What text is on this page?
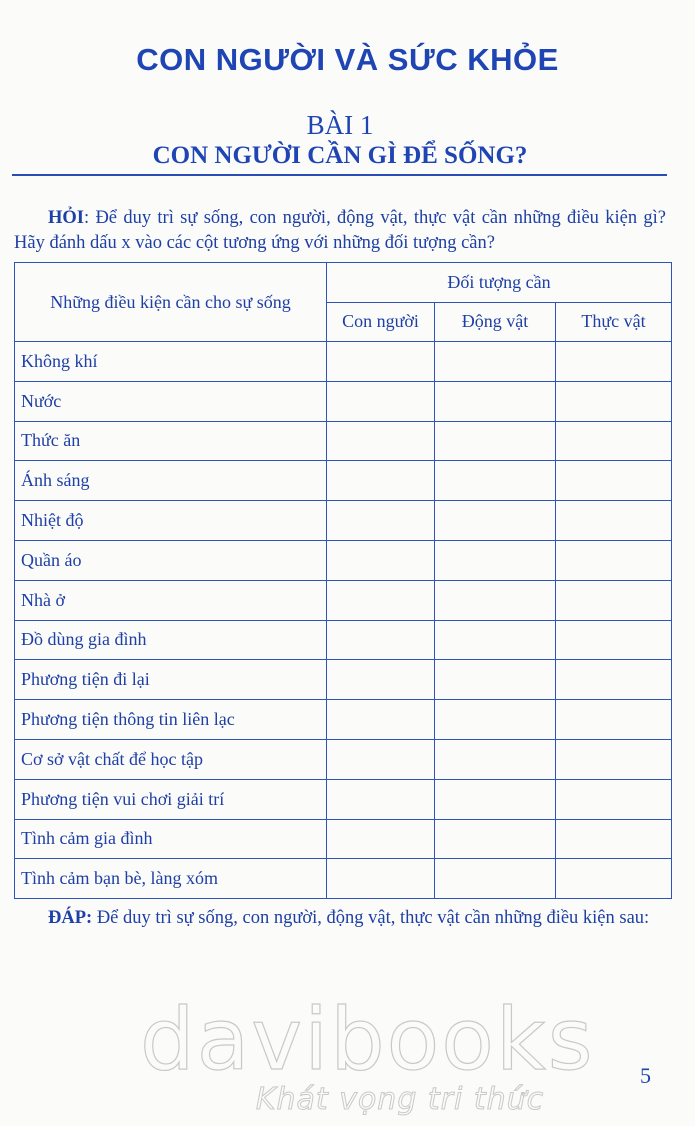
CON NGƯỜI VÀ SỨC KHỎE
BÀI 1
CON NGƯỜI CẦN GÌ ĐỂ SỐNG?
HỎI: Để duy trì sự sống, con người, động vật, thực vật cần những điều kiện gì? Hãy đánh dấu x vào các cột tương ứng với những đối tượng cần?
Những điều kiện cần cho sự sống	Đối tượng cần		
	Con người	Động vật	Thực vật
Không khí			
Nước			
Thức ăn			
Ánh sáng			
Nhiệt độ			
Quần áo			
Nhà ở			
Đồ dùng gia đình			
Phương tiện đi lại			
Phương tiện thông tin liên lạc			
Cơ sở vật chất để học tập			
Phương tiện vui chơi giải trí			
Tình cảm gia đình			
Tình cảm bạn bè, làng xóm			
ĐÁP: Để duy trì sự sống, con người, động vật, thực vật cần những điều kiện sau:
davibooks
Khát vọng tri thức
5
